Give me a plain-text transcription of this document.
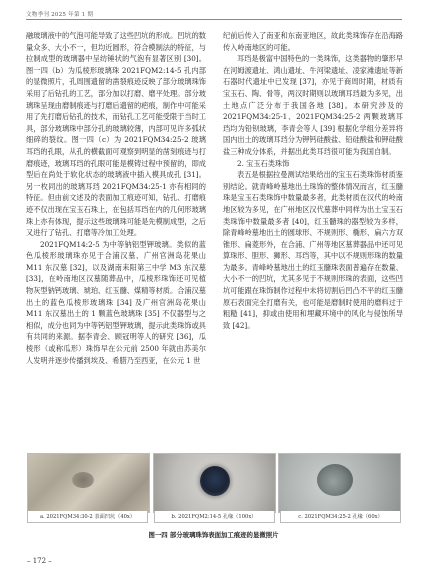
文物季刊 2025 年第 1 期

融玻璃液中的气泡可能导致了这些凹坑的形成。凹坑的数量众多、大小不一，但均近圆形，符合模制法的特征，与拉制成型的玻璃器中呈纺锤状的气泡有显著区别 [30]。图一四（b）为瓜棱形玻璃珠 2021FQM2:14-5 孔内部的显微照片，孔周围遗留的凿裂痕迹反映了部分玻璃珠饰采用了后钻孔的工艺，部分加以打磨、磨平处理。部分玻璃珠呈现由磨制痕迹与打磨后遗留的疤痕，制作中可能采用了先打磨后钻孔的技术，而钻孔工艺可能受限于当时工具，部分玻璃珠中部分孔的玻璃较薄，内部可见许多弧状细碎的裂纹。图一四（c）为 2021FQM34:25-2 玻璃耳珰的孔眼，从孔的横截面可观察到明显的凿刻痕迹与打磨痕迹，玻璃耳珰的孔眼可能是模铸过程中预留的，即成型后在尚处于软化状态的玻璃液中插入模具成孔 [31]。另一枚同出的玻璃耳珰 2021FQM34:25-1 亦有相同的特征。但由前文述及的表面加工痕迹可知，钻孔、打磨痕迹不仅出现在宝玉石珠上，在包括耳珰在内的几何形玻璃珠上亦有体现，提示这些玻璃珠可能是先模制成型，之后又进行了钻孔、打磨等冷加工处理。

2021FQM14:2-5 为中等钠铝型钾玻璃。类似的蓝色瓜棱形玻璃珠亦见于合浦汉墓、广州官洲岛花果山 M11 东汉墓 [32]，以及湖南耒阳第三中学 M3 东汉墓 [33]，在岭南地区汉墓随葬品中，瓜棱形珠饰还可见植物灰型钠钙玻璃、琥珀、红玉髓、煤精等材质。合浦汉墓出土的蓝色瓜棱形玻璃珠 [34] 及广州官洲岛花果山 M11 东汉墓出土的 1 颗蓝色玻璃珠 [35] 不仅器型与之相似，成分也同为中等钙铝型钾玻璃，提示此类珠饰或具有共同的来源。据李青会、顾冠明等人的研究 [36]，瓜棱形（或称瓜形）珠饰早在公元前 2500 年就由苏美尔人发明并逐步传播到埃及、希腊乃至西亚，在公元 1 世

纪前后传入了南亚和东南亚地区，故此类珠饰存在沿海路传入岭南地区的可能。

耳珰是极富中国特色的一类珠饰，这类器物的肇形早在河姆渡遗址、鸿山遗址、牛河梁遗址、凌家滩遗址等新石器时代遗址中已发现 [37]，亦见于商周时期，材质有宝玉石、陶、骨等，两汉时期则以玻璃耳珰最为多见，出土地点广泛分布于我国各地 [38]。本研究涉及的 2021FQM34:25-1、2021FQM34:25-2 两颗玻璃耳珰均为铅钡玻璃，李青会等人 [39] 根据化学组分差异将国内出土的玻璃耳珰分为钾钙硅酸盐、铅硅酸盐和钾硅酸盐三种成分体系，并据出此类耳珰很可能为我国自制。

2. 宝玉石类珠饰

表五是根据拉曼测试结果给出的宝玉石类珠饰材质鉴别结论。就青峰岭墓地出土珠饰的整体情况而言，红玉髓珠是宝玉石类珠饰中数量最多者，此类材质在汉代的岭南地区较为多见，在广州地区汉代墓葬中同样为出土宝玉石类珠饰中数量最多者 [40]，红玉髓珠的器型较为多样，除青峰岭墓地出土的圆球形、不规则形、椭形、扁六方双锥形、扁菱形外，在合浦、广州等地区墓葬器品中还可见算珠形、胆形、狮形、耳珰等，其中以不规则形珠的数量为最多。青峰岭墓地出土的红玉髓珠表面普遍存在数量、大小不一的凹坑，尤其多见于不规则形珠的表面，这些凹坑可能跟在珠饰制作过程中未将切割后凹凸不平的红玉髓原石表面完全打磨有关，也可能是磨制时使用的磨料过于粗糙 [41]，抑或由使用和埋藏环境中的风化与侵蚀所导致 [42]。

a. 2021FQM34:30-2 表面凹坑（40x）	b. 2021FQM2:14-5 孔缘（100x）	c. 2021FQM34:25-2 孔缘（60x）
图一四 部分玻璃珠饰表面加工痕迹的显微照片
– 172 –
